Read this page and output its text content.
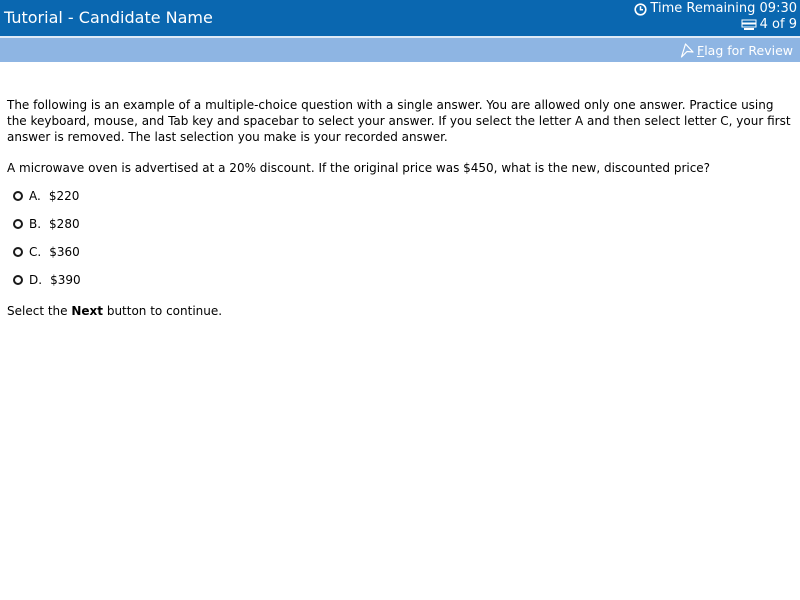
Tutorial - Candidate Name	Time Remaining 09:30
4 of 9
Flag for Review

The following is an example of a multiple-choice question with a single answer. You are allowed only one answer. Practice using the keyboard, mouse, and Tab key and spacebar to select your answer. If you select the letter A and then select letter C, your first answer is removed. The last selection you make is your recorded answer.

A microwave oven is advertised at a 20% discount. If the original price was $450, what is the new, discounted price?

A. $220
B. $280
C. $360
D. $390

Select the Next button to continue.
